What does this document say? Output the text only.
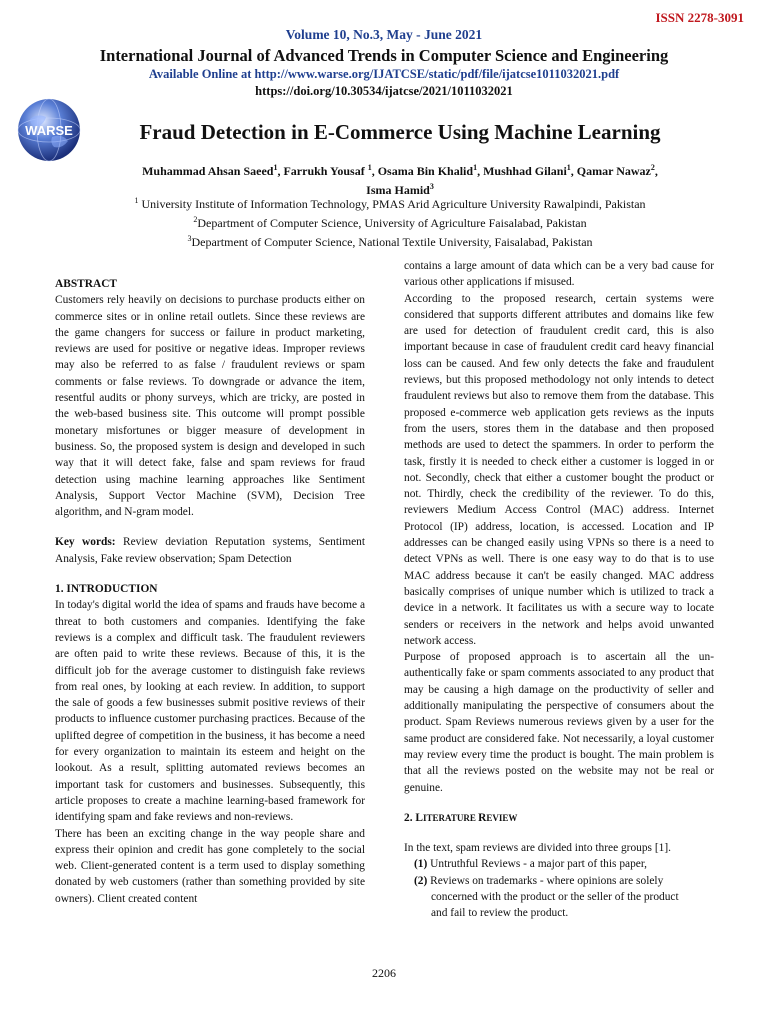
ISSN 2278-3091
Volume 10, No.3, May - June 2021
International Journal of Advanced Trends in Computer Science and Engineering
Available Online at http://www.warse.org/IJATCSE/static/pdf/file/ijatcse1011032021.pdf
https://doi.org/10.30534/ijatcse/2021/1011032021
WARSE	Fraud Detection in E-Commerce Using Machine Learning
Muhammad Ahsan Saeed$^1$, Farrukh Yousaf $^1$, Osama Bin Khalid$^1$, Mushhad Gilani$^1$, Qamar Nawaz$^2$,
Isma Hamid$^3$
$^1$ University Institute of Information Technology, PMAS Arid Agriculture University Rawalpindi, Pakistan
$^2$Department of Computer Science, University of Agriculture Faisalabad, Pakistan
$^3$Department of Computer Science, National Textile University, Faisalabad, Pakistan

ABSTRACT

Customers rely heavily on decisions to purchase products either on commerce sites or in online retail outlets. Since these reviews are the game changers for success or failure in product marketing, reviews are used for positive or negative ideas. Improper reviews may also be referred to as false / fraudulent reviews or spam comments or false reviews. To downgrade or advance the item, resentful audits or phony surveys, which are tricky, are posted in the web-based business site. This outcome will prompt possible monetary misfortunes or bigger measure of development in business. So, the proposed system is design and developed in such way that it will detect fake, false and spam reviews for fraud detection using machine learning approaches like Sentiment Analysis, Support Vector Machine (SVM), Decision Tree algorithm, and N-gram model.

Key words: Review deviation Reputation systems, Sentiment Analysis, Fake review observation; Spam Detection

1. INTRODUCTION

In today's digital world the idea of spams and frauds have become a threat to both customers and companies. Identifying the fake reviews is a complex and difficult task. The fraudulent reviewers are often paid to write these reviews. Because of this, it is the difficult job for the average customer to distinguish fake reviews from real ones, by looking at each review. In addition, to support the sale of goods a few businesses submit positive reviews of their products to influence customer purchasing practices. Because of the uplifted degree of competition in the business, it has become a need for every organization to maintain its esteem and height on the lookout. As a result, splitting automated reviews becomes an important task for customers and businesses. Subsequently, this article proposes to create a machine learning-based framework for identifying spam and fake reviews and non-reviews.

There has been an exciting change in the way people share and express their opinion and credit has gone completely to the social web. Client-generated content is a term used to display something donated by web customers (rather than something provided by site owners). Client created content

contains a large amount of data which can be a very bad cause for various other applications if misused.

According to the proposed research, certain systems were considered that supports different attributes and domains like few are used for detection of fraudulent credit card, this is also important because in case of fraudulent credit card heavy financial loss can be caused. And few only detects the fake and fraudulent reviews, but this proposed methodology not only intends to detect fraudulent reviews but also to remove them from the database. This proposed e-commerce web application gets reviews as the inputs from the users, stores them in the database and then proposed methods are used to detect the spammers. In order to perform the task, firstly it is needed to check either a customer is logged in or not. Secondly, check that either a customer bought the product or not. Thirdly, check the credibility of the reviewer. To do this, reviewers Medium Access Control (MAC) address. Internet Protocol (IP) address, location, is accessed. Location and IP addresses can be changed easily using VPNs so there is a need to detect VPNs as well. There is one easy way to do that is to use MAC address because it can't be easily changed. MAC address basically comprises of unique number which is utilized to track a device in a network. It facilitates us with a secure way to locate senders or receivers in the network and helps avoid unwanted network access.

Purpose of proposed approach is to ascertain all the un-authentically fake or spam comments associated to any product that may be causing a high damage on the productivity of seller and additionally manipulating the perspective of consumers about the product. Spam Reviews numerous reviews given by a user for the same product are considered fake. Not necessarily, a loyal customer may review every time the product is bought. The main problem is that all the reviews posted on the website may not be real or genuine.

2. LITERATURE REVIEW

In the text, spam reviews are divided into three groups [1].

(1) Untruthful Reviews - a major part of this paper,

(2) Reviews on trademarks - where opinions are solely

concerned with the product or the seller of the product

and fail to review the product.

2206
